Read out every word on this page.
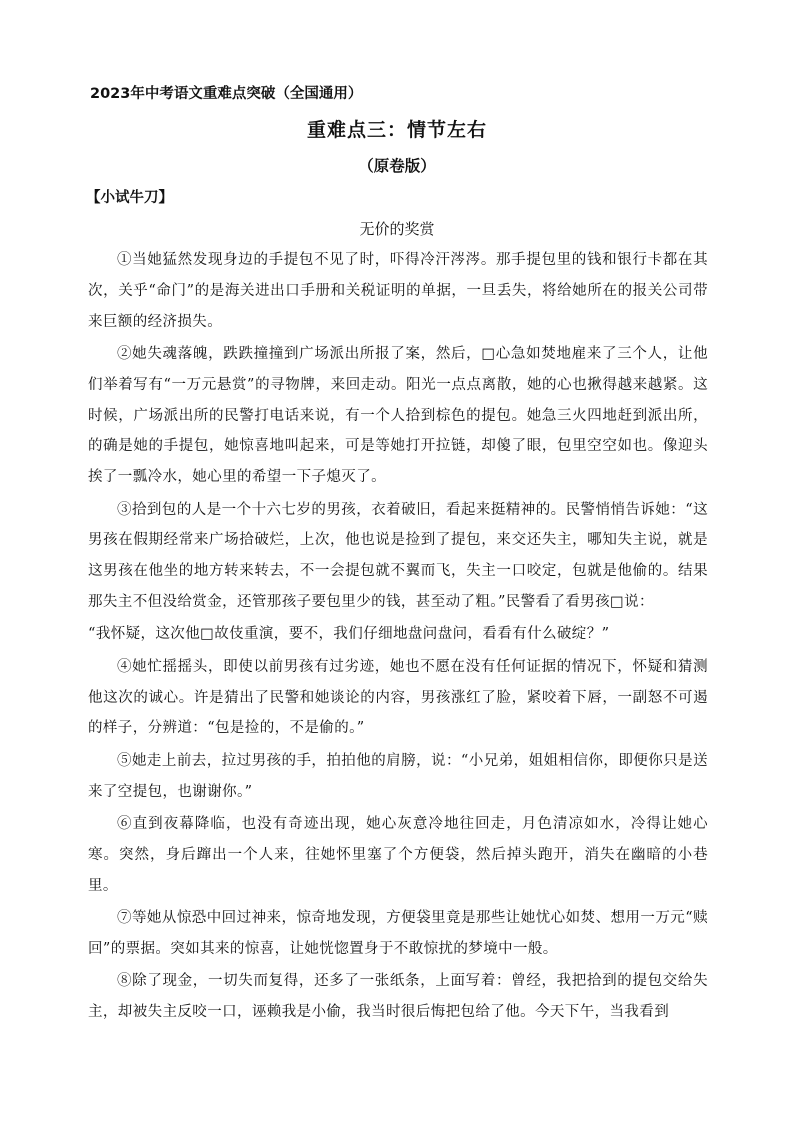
2023年中考语文重难点突破（全国通用）
重难点三：情节左右
（原卷版）
【小试牛刀】
无价的奖赏

①当她猛然发现身边的手提包不见了时，吓得冷汗涔涔。那手提包里的钱和银行卡都在其次，关乎“命门”的是海关进出口手册和关税证明的单据，一旦丢失，将给她所在的报关公司带来巨额的经济损失。

②她失魂落魄，跌跌撞撞到广场派出所报了案，然后，□心急如焚地雇来了三个人，让他们举着写有“一万元悬赏”的寻物牌，来回走动。阳光一点点离散，她的心也揪得越来越紧。这时候，广场派出所的民警打电话来说，有一个人拾到棕色的提包。她急三火四地赶到派出所，的确是她的手提包，她惊喜地叫起来，可是等她打开拉链，却傻了眼，包里空空如也。像迎头挨了一瓢冷水，她心里的希望一下子熄灭了。

③拾到包的人是一个十六七岁的男孩，衣着破旧，看起来挺精神的。民警悄悄告诉她：“这男孩在假期经常来广场拾破烂，上次，他也说是捡到了提包，来交还失主，哪知失主说，就是这男孩在他坐的地方转来转去，不一会提包就不翼而飞，失主一口咬定，包就是他偷的。结果那失主不但没给赏金，还管那孩子要包里少的钱，甚至动了粗。”民警看了看男孩□说：

“我怀疑，这次他□故伎重演，要不，我们仔细地盘问盘问，看看有什么破绽？”

④她忙摇摇头，即使以前男孩有过劣迹，她也不愿在没有任何证据的情况下，怀疑和猜测他这次的诚心。许是猜出了民警和她谈论的内容，男孩涨红了脸，紧咬着下唇，一副怒不可遏的样子，分辨道：“包是捡的，不是偷的。”

⑤她走上前去，拉过男孩的手，拍拍他的肩膀，说：“小兄弟，姐姐相信你，即便你只是送来了空提包，也谢谢你。”

⑥直到夜幕降临，也没有奇迹出现，她心灰意冷地往回走，月色清凉如水，冷得让她心寒。突然，身后蹿出一个人来，往她怀里塞了个方便袋，然后掉头跑开，消失在幽暗的小巷里。

⑦等她从惊恐中回过神来，惊奇地发现，方便袋里竟是那些让她忧心如焚、想用一万元“赎回”的票据。突如其来的惊喜，让她恍惚置身于不敢惊扰的梦境中一般。

⑧除了现金，一切失而复得，还多了一张纸条，上面写着：曾经，我把拾到的提包交给失主，却被失主反咬一口，诬赖我是小偷，我当时很后悔把包给了他。今天下午，当我看到
